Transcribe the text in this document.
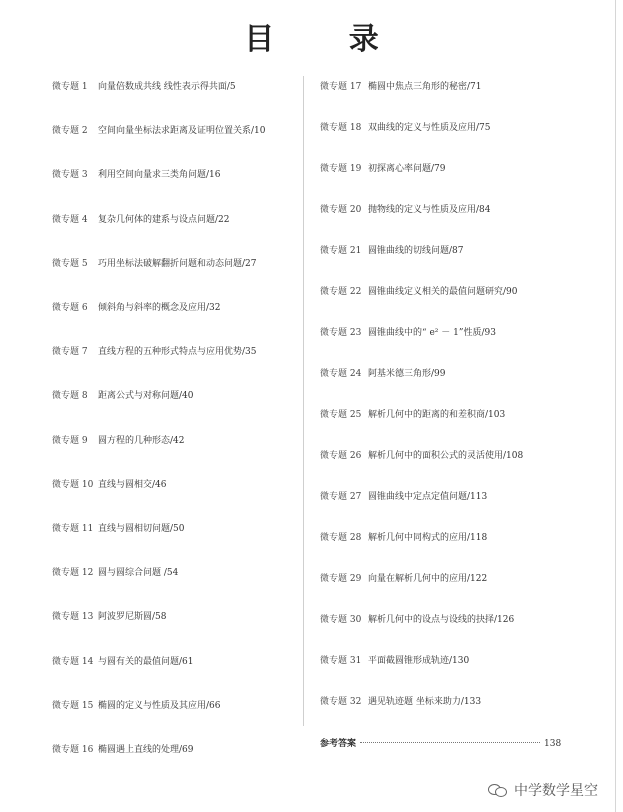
目 录
微专题 1 向量倍数成共线 线性表示得共面/5
微专题 2 空间向量坐标法求距离及证明位置关系/10
微专题 3 利用空间向量求三类角问题/16
微专题 4 复杂几何体的建系与设点问题/22
微专题 5 巧用坐标法破解翻折问题和动态问题/27
微专题 6 倾斜角与斜率的概念及应用/32
微专题 7 直线方程的五种形式特点与应用优势/35
微专题 8 距离公式与对称问题/40
微专题 9 圆方程的几种形态/42
微专题 10 直线与圆相交/46
微专题 11 直线与圆相切问题/50
微专题 12 圆与圆综合问题 /54
微专题 13 阿波罗尼斯圆/58
微专题 14 与圆有关的最值问题/61
微专题 15 椭圆的定义与性质及其应用/66
微专题 16 椭圆遇上直线的处理/69
微专题 17 椭圆中焦点三角形的秘密/71
微专题 18 双曲线的定义与性质及应用/75
微专题 19 初探离心率问题/79
微专题 20 抛物线的定义与性质及应用/84
微专题 21 圆锥曲线的切线问题/87
微专题 22 圆锥曲线定义相关的最值问题研究/90
微专题 23 圆锥曲线中的“ e² － 1”性质/93
微专题 24 阿基米德三角形/99
微专题 25 解析几何中的距离的和差积商/103
微专题 26 解析几何中的面积公式的灵活使用/108
微专题 27 圆锥曲线中定点定值问题/113
微专题 28 解析几何中同构式的应用/118
微专题 29 向量在解析几何中的应用/122
微专题 30 解析几何中的设点与设线的抉择/126
微专题 31 平面截圆锥形成轨迹/130
微专题 32 遇见轨迹题 坐标来助力/133
参考答案	138
中学数学星空
